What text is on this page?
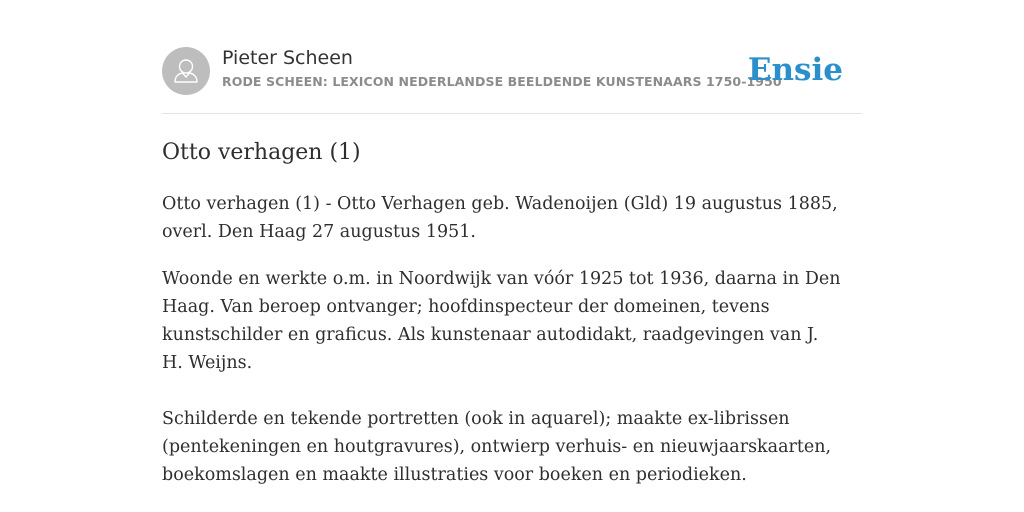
Pieter Scheen
RODE SCHEEN: LEXICON NEDERLANDSE BEELDENDE KUNSTENAARS 1750-1950
Ensie
Otto verhagen (1)

Otto verhagen (1) - Otto Verhagen geb. Wadenoijen (Gld) 19 augustus 1885, overl. Den Haag 27 augustus 1951.

Woonde en werkte o.m. in Noordwijk van vóór 1925 tot 1936, daarna in Den Haag. Van beroep ontvanger; hoofdinspecteur der domeinen, tevens kunstschilder en graficus. Als kunstenaar autodidakt, raadgevingen van J. H. Weijns.

Schilderde en tekende portretten (ook in aquarel); maakte ex-librissen (pentekeningen en houtgravures), ontwierp verhuis- en nieuwjaarskaarten, boekomslagen en maakte illustraties voor boeken en periodieken.
